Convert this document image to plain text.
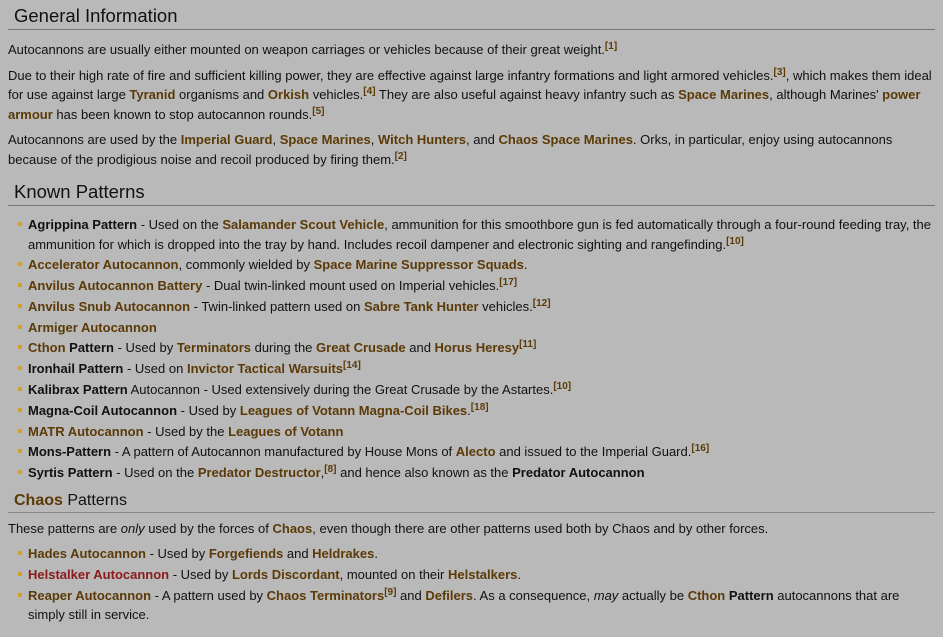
General Information

Autocannons are usually either mounted on weapon carriages or vehicles because of their great weight.[1]

Due to their high rate of fire and sufficient killing power, they are effective against large infantry formations and light armored vehicles.[3], which makes them ideal for use against large Tyranid organisms and Orkish vehicles.[4] They are also useful against heavy infantry such as Space Marines, although Marines' power armour has been known to stop autocannon rounds.[5]

Autocannons are used by the Imperial Guard, Space Marines, Witch Hunters, and Chaos Space Marines. Orks, in particular, enjoy using autocannons because of the prodigious noise and recoil produced by firing them.[2]

Known Patterns
Agrippina Pattern - Used on the Salamander Scout Vehicle, ammunition for this smoothbore gun is fed automatically through a four-round feeding tray, the ammunition for which is dropped into the tray by hand. Includes recoil dampener and electronic sighting and rangefinding.[10]
Accelerator Autocannon, commonly wielded by Space Marine Suppressor Squads.
Anvilus Autocannon Battery - Dual twin-linked mount used on Imperial vehicles.[17]
Anvilus Snub Autocannon - Twin-linked pattern used on Sabre Tank Hunter vehicles.[12]
Armiger Autocannon
Cthon Pattern - Used by Terminators during the Great Crusade and Horus Heresy[11]
Ironhail Pattern - Used on Invictor Tactical Warsuits[14]
Kalibrax Pattern Autocannon - Used extensively during the Great Crusade by the Astartes.[10]
Magna-Coil Autocannon - Used by Leagues of Votann Magna-Coil Bikes.[18]
MATR Autocannon - Used by the Leagues of Votann
Mons-Pattern - A pattern of Autocannon manufactured by House Mons of Alecto and issued to the Imperial Guard.[16]
Syrtis Pattern - Used on the Predator Destructor,[8] and hence also known as the Predator Autocannon
Chaos Patterns

These patterns are only used by the forces of Chaos, even though there are other patterns used both by Chaos and by other forces.

Hades Autocannon - Used by Forgefiends and Heldrakes.
Helstalker Autocannon - Used by Lords Discordant, mounted on their Helstalkers.
Reaper Autocannon - A pattern used by Chaos Terminators[9] and Defilers. As a consequence, may actually be Cthon Pattern autocannons that are simply still in service.
